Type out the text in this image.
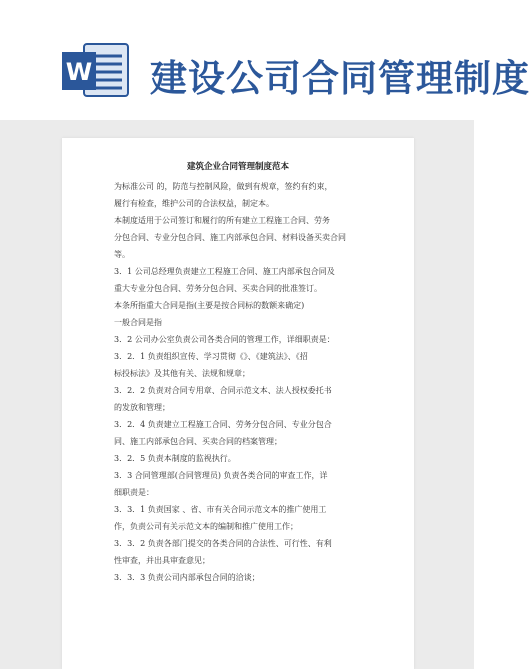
W 建设公司合同管理制度
建筑企业合同管理制度范本

为标准公司 的，防范与控制风险，做到有规章，签约有约束，
履行有检查，维护公司的合法权益，制定本。

本制度适用于公司签订和履行的所有建立工程施工合同、劳务
分包合同、专业分包合同、施工内部承包合同、材料设备买卖合同
等。

3．1 公司总经理负责建立工程施工合同、施工内部承包合同及
重大专业分包合同、劳务分包合同、买卖合同的批准签订。

本条所指重大合同是指(主要是按合同标的数额来确定)

一般合同是指

3．2 公司办公室负责公司各类合同的管理工作，详细职责是：

3．2．1 负责组织宣传、学习贯彻《》、《建筑法》、《招
标投标法》及其他有关、法规和规章；

3．2．2 负责对合同专用章、合同示范文本、法人授权委托书
的发放和管理；

3．2．4 负责建立工程施工合同、劳务分包合同、专业分包合
同、施工内部承包合同、买卖合同的档案管理；

3．2．5 负责本制度的监视执行。

3．3 合同管理部(合同管理员) 负责各类合同的审查工作，详
细职责是：

3．3．1 负责国家 、省、市有关合同示范文本的推广使用工
作，负责公司有关示范文本的编制和推广使用工作；

3．3．2 负责各部门提交的各类合同的合法性、可行性、有利
性审查，并出具审查意见；

3．3．3 负责公司内部承包合同的洽谈；
